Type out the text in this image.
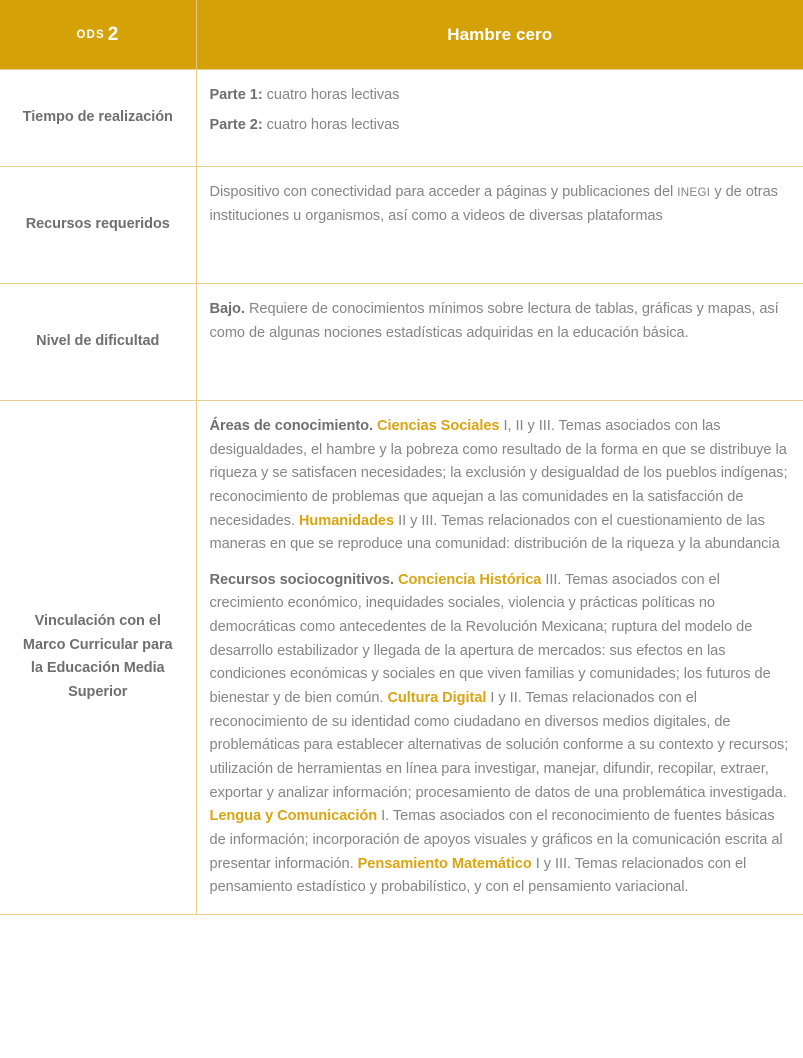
ODS 2	Hambre cero
Tiempo de realización	Parte 1: cuatro horas lectivas

Parte 2: cuatro horas lectivas

Recursos requeridos	Dispositivo con conectividad para acceder a páginas y publicaciones del INEGI y de otras instituciones u organismos, así como a videos de diversas plataformas

Nivel de dificultad	Bajo. Requiere de conocimientos mínimos sobre lectura de tablas, gráficas y mapas, así como de algunas nociones estadísticas adquiridas en la educación básica.

Vinculación con el Marco Curricular para la Educación Media Superior	Áreas de conocimiento. Ciencias Sociales I, II y III. Temas asociados con las desigualdades, el hambre y la pobreza como resultado de la forma en que se distribuye la riqueza y se satisfacen necesidades; la exclusión y desigualdad de los pueblos indígenas; reconocimiento de problemas que aquejan a las comunidades en la satisfacción de necesidades. Humanidades II y III. Temas relacionados con el cuestionamiento de las maneras en que se reproduce una comunidad: distribución de la riqueza y la abundancia

Recursos sociocognitivos. Conciencia Histórica III. Temas asociados con el crecimiento económico, inequidades sociales, violencia y prácticas políticas no democráticas como antecedentes de la Revolución Mexicana; ruptura del modelo de desarrollo estabilizador y llegada de la apertura de mercados: sus efectos en las condiciones económicas y sociales en que viven familias y comunidades; los futuros de bienestar y de bien común. Cultura Digital I y II. Temas relacionados con el reconocimiento de su identidad como ciudadano en diversos medios digitales, de problemáticas para establecer alternativas de solución conforme a su contexto y recursos; utilización de herramientas en línea para investigar, manejar, difundir, recopilar, extraer, exportar y analizar información; procesamiento de datos de una problemática investigada. Lengua y Comunicación I. Temas asociados con el reconocimiento de fuentes básicas de información; incorporación de apoyos visuales y gráficos en la comunicación escrita al presentar información. Pensamiento Matemático I y III. Temas relacionados con el pensamiento estadístico y probabilístico, y con el pensamiento variacional.
